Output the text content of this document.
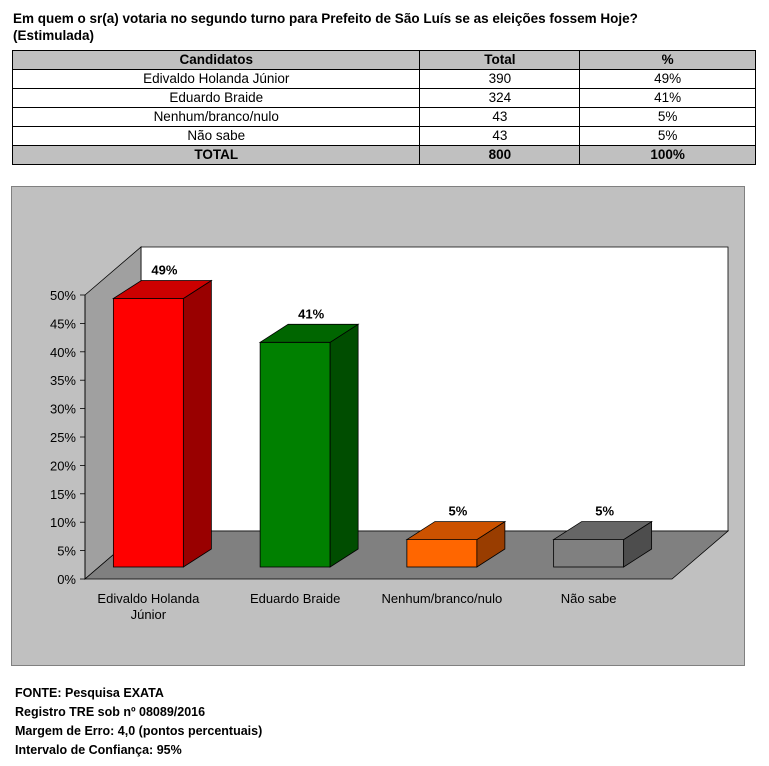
Em quem o sr(a) votaria no segundo turno para Prefeito de São Luís se as eleições fossem Hoje?
(Estimulada)
Candidatos	Total	%
Edivaldo Holanda Júnior	390	49%
Eduardo Braide	324	41%
Nenhum/branco/nulo	43	5%
Não sabe	43	5%
TOTAL	800	100%
0%
5%
10%
15%
20%
25%
30%
35%
40%
45%
50%
49%
Edivaldo Holanda Júnior
41%
Eduardo Braide
5%
Nenhum/branco/nulo
5%
Não sabe
FONTE: Pesquisa EXATA
Registro TRE sob nº 08089/2016
Margem de Erro: 4,0 (pontos percentuais)
Intervalo de Confiança: 95%
